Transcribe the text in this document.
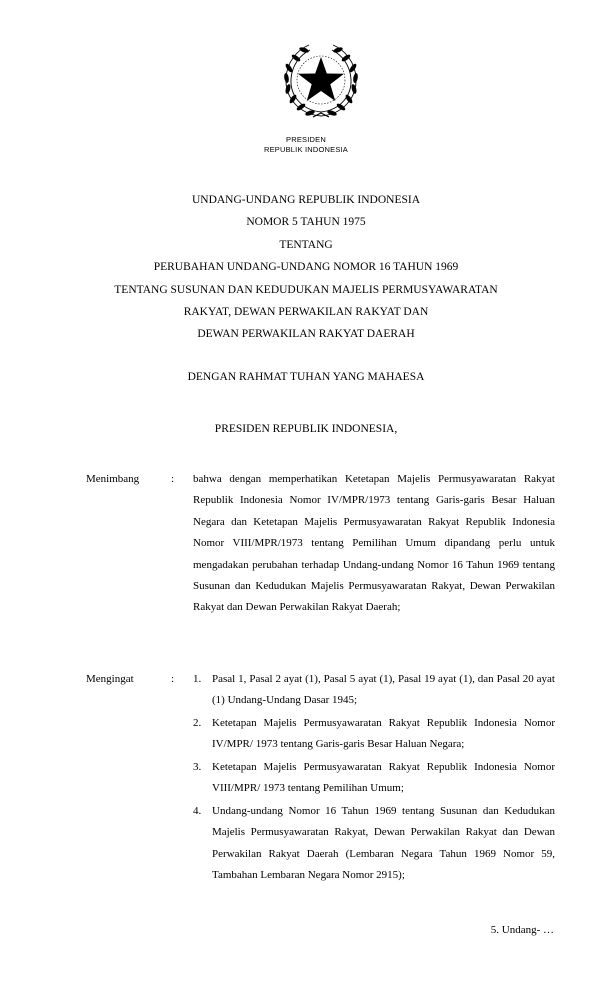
PRESIDEN
REPUBLIK INDONESIA
UNDANG-UNDANG REPUBLIK INDONESIA
NOMOR 5 TAHUN 1975
TENTANG
PERUBAHAN UNDANG-UNDANG NOMOR 16 TAHUN 1969
TENTANG SUSUNAN DAN KEDUDUKAN MAJELIS PERMUSYAWARATAN
RAKYAT, DEWAN PERWAKILAN RAKYAT DAN
DEWAN PERWAKILAN RAKYAT DAERAH
DENGAN RAHMAT TUHAN YANG MAHAESA
PRESIDEN REPUBLIK INDONESIA,
Menimbang	: bahwa dengan memperhatikan Ketetapan Majelis Permusyawaratan Rakyat Republik Indonesia Nomor IV/MPR/1973 tentang Garis-garis Besar Haluan Negara dan Ketetapan Majelis Permusyawaratan Rakyat Republik Indonesia Nomor VIII/MPR/1973 tentang Pemilihan Umum dipandang perlu untuk mengadakan perubahan terhadap Undang-undang Nomor 16 Tahun 1969 tentang Susunan dan Kedudukan Majelis Permusyawaratan Rakyat, Dewan Perwakilan Rakyat dan Dewan Perwakilan Rakyat Daerah;

Mengingat	: 1. Pasal 1, Pasal 2 ayat (1), Pasal 5 ayat (1), Pasal 19 ayat (1), dan Pasal 20 ayat (1) Undang-Undang Dasar 1945;

2. Ketetapan Majelis Permusyawaratan Rakyat Republik Indonesia Nomor IV/MPR/ 1973 tentang Garis-garis Besar Haluan Negara;

3. Ketetapan Majelis Permusyawaratan Rakyat Republik Indonesia Nomor VIII/MPR/ 1973 tentang Pemilihan Umum;

4. Undang-undang Nomor 16 Tahun 1969 tentang Susunan dan Kedudukan Majelis Permusyawaratan Rakyat, Dewan Perwakilan Rakyat dan Dewan Perwakilan Rakyat Daerah (Lembaran Negara Tahun 1969 Nomor 59, Tambahan Lembaran Negara Nomor 2915);

5. Undang- …
